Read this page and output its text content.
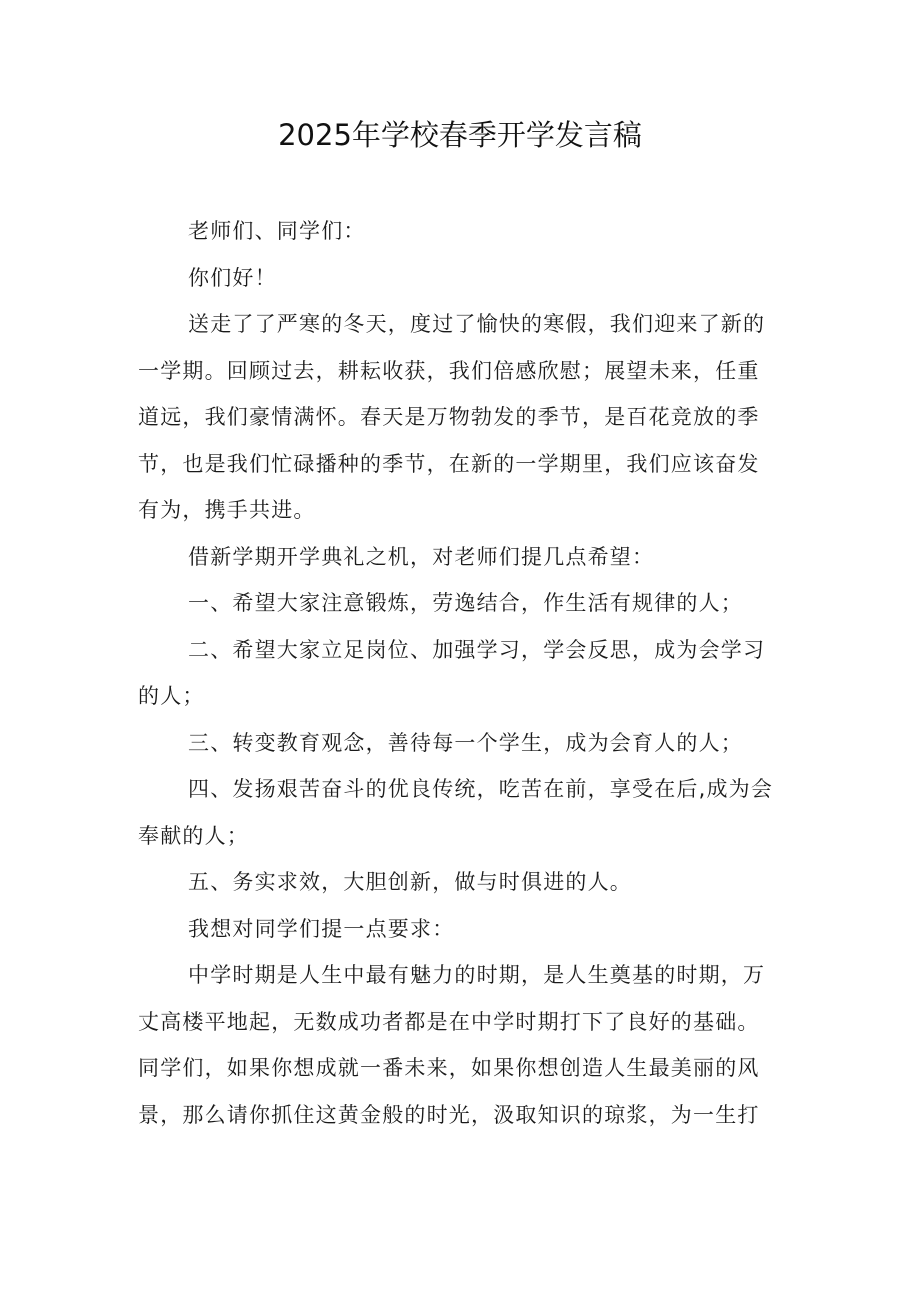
2025年学校春季开学发言稿
老师们、同学们：
你们好！
送走了了严寒的冬天，度过了愉快的寒假，我们迎来了新的
一学期。回顾过去，耕耘收获，我们倍感欣慰；展望未来，任重
道远，我们豪情满怀。春天是万物勃发的季节，是百花竞放的季
节，也是我们忙碌播种的季节，在新的一学期里，我们应该奋发
有为，携手共进。
借新学期开学典礼之机，对老师们提几点希望：
一、希望大家注意锻炼，劳逸结合，作生活有规律的人；
二、希望大家立足岗位、加强学习，学会反思，成为会学习
的人；
三、转变教育观念，善待每一个学生，成为会育人的人；
四、发扬艰苦奋斗的优良传统，吃苦在前，享受在后,成为会
奉献的人；
五、务实求效，大胆创新，做与时俱进的人。
我想对同学们提一点要求：
中学时期是人生中最有魅力的时期，是人生奠基的时期，万
丈高楼平地起，无数成功者都是在中学时期打下了良好的基础。
同学们，如果你想成就一番未来，如果你想创造人生最美丽的风
景，那么请你抓住这黄金般的时光，汲取知识的琼浆，为一生打
